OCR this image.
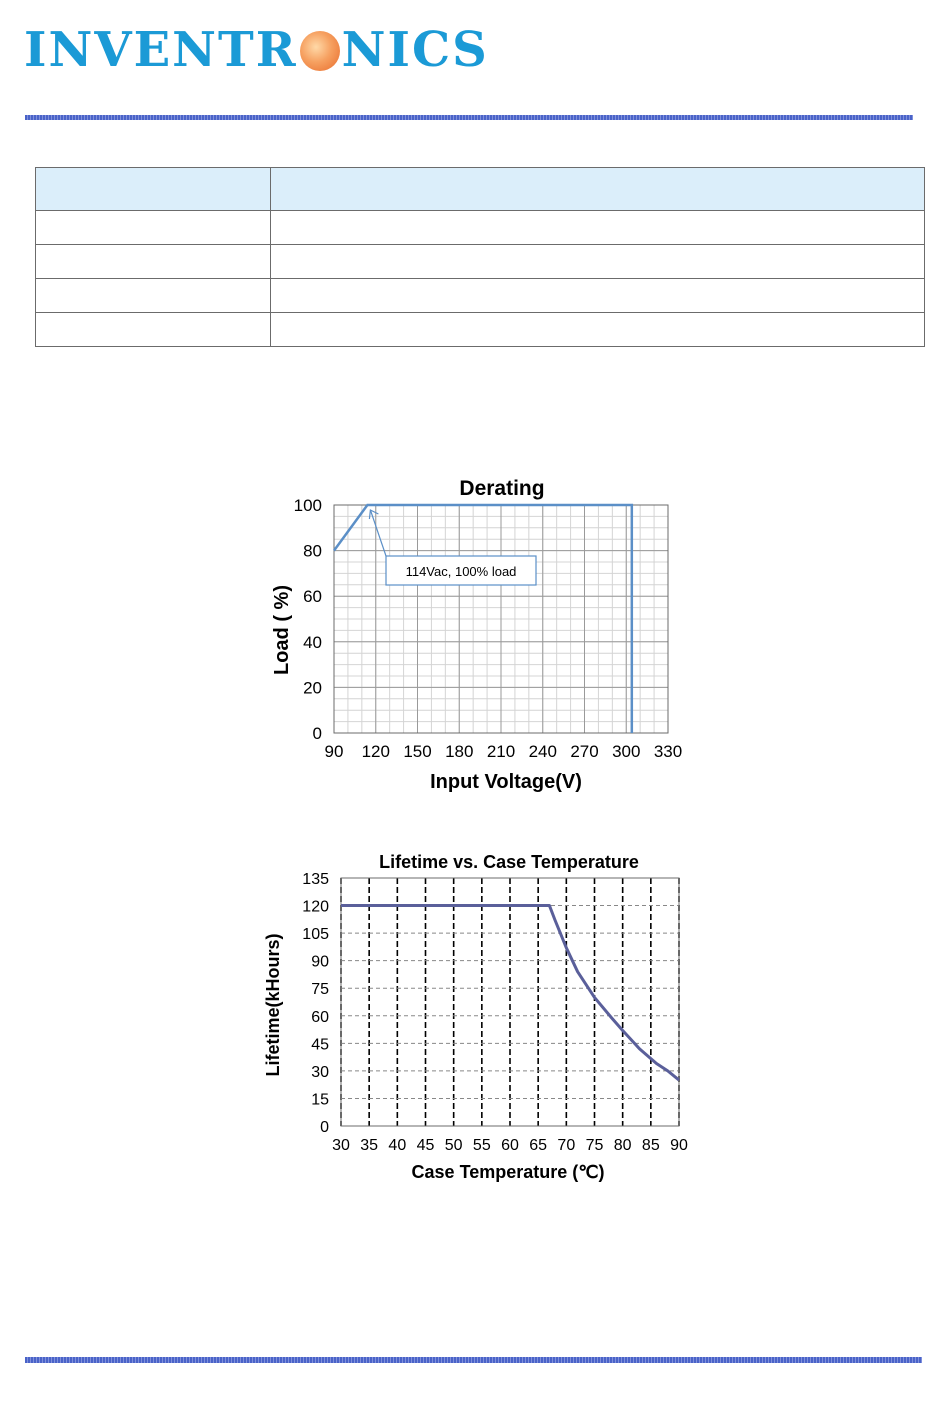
INVENTR NICS

0
20
40
60
80
100
90 120 150 180 210 240 270 300 330
114Vac, 100% load
Derating
Input Voltage(V)
Load ( %)
0
15
30
45
60
75
90
105
120
135
30 35 40 45 50 55 60 65 70 75 80 85 90
Lifetime vs. Case Temperature
Case Temperature (℃)
Lifetime(kHours)
